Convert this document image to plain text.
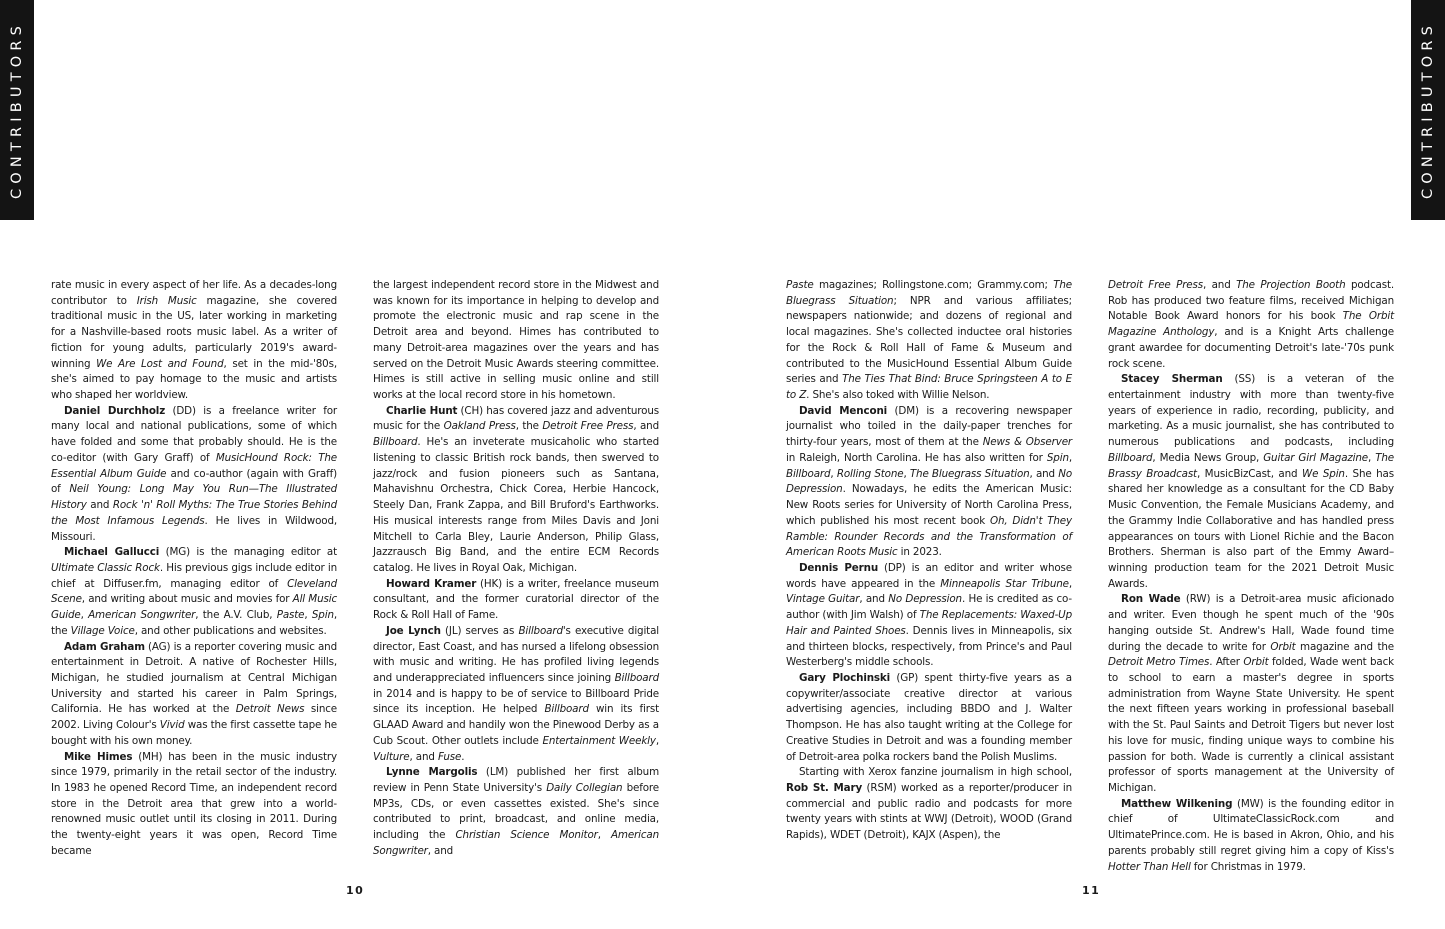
CONTRIBUTORS	CONTRIBUTORS

rate music in every aspect of her life. As a decades-long contributor to Irish Music magazine, she covered traditional music in the US, later working in marketing for a Nashville-based roots music label. As a writer of fiction for young adults, particularly 2019's award-winning We Are Lost and Found, set in the mid-'80s, she's aimed to pay homage to the music and artists who shaped her worldview.

Daniel Durchholz (DD) is a freelance writer for many local and national publications, some of which have folded and some that probably should. He is the co-editor (with Gary Graff) of MusicHound Rock: The Essential Album Guide and co-author (again with Graff) of Neil Young: Long May You Run—The Illustrated History and Rock 'n' Roll Myths: The True Stories Behind the Most Infamous Legends. He lives in Wildwood, Missouri.

Michael Gallucci (MG) is the managing editor at Ultimate Classic Rock. His previous gigs include editor in chief at Diffuser.fm, managing editor of Cleveland Scene, and writing about music and movies for All Music Guide, American Songwriter, the A.V. Club, Paste, Spin, the Village Voice, and other publications and websites.

Adam Graham (AG) is a reporter covering music and entertainment in Detroit. A native of Rochester Hills, Michigan, he studied journalism at Central Michigan University and started his career in Palm Springs, California. He has worked at the Detroit News since 2002. Living Colour's Vivid was the first cassette tape he bought with his own money.

Mike Himes (MH) has been in the music industry since 1979, primarily in the retail sector of the industry. In 1983 he opened Record Time, an independent record store in the Detroit area that grew into a world-renowned music outlet until its closing in 2011. During the twenty-eight years it was open, Record Time became

the largest independent record store in the Midwest and was known for its importance in helping to develop and promote the electronic music and rap scene in the Detroit area and beyond. Himes has contributed to many Detroit-area magazines over the years and has served on the Detroit Music Awards steering committee. Himes is still active in selling music online and still works at the local record store in his hometown.

Charlie Hunt (CH) has covered jazz and adventurous music for the Oakland Press, the Detroit Free Press, and Billboard. He's an inveterate musicaholic who started listening to classic British rock bands, then swerved to jazz/rock and fusion pioneers such as Santana, Mahavishnu Orchestra, Chick Corea, Herbie Hancock, Steely Dan, Frank Zappa, and Bill Bruford's Earthworks. His musical interests range from Miles Davis and Joni Mitchell to Carla Bley, Laurie Anderson, Philip Glass, Jazzrausch Big Band, and the entire ECM Records catalog. He lives in Royal Oak, Michigan.

Howard Kramer (HK) is a writer, freelance museum consultant, and the former curatorial director of the Rock & Roll Hall of Fame.

Joe Lynch (JL) serves as Billboard's executive digital director, East Coast, and has nursed a lifelong obsession with music and writing. He has profiled living legends and underappreciated influencers since joining Billboard in 2014 and is happy to be of service to Billboard Pride since its inception. He helped Billboard win its first GLAAD Award and handily won the Pinewood Derby as a Cub Scout. Other outlets include Entertainment Weekly, Vulture, and Fuse.

Lynne Margolis (LM) published her first album review in Penn State University's Daily Collegian before MP3s, CDs, or even cassettes existed. She's since contributed to print, broadcast, and online media, including the Christian Science Monitor, American Songwriter, and

Paste magazines; Rollingstone.com; Grammy.com; The Bluegrass Situation; NPR and various affiliates; newspapers nationwide; and dozens of regional and local magazines. She's collected inductee oral histories for the Rock & Roll Hall of Fame & Museum and contributed to the MusicHound Essential Album Guide series and The Ties That Bind: Bruce Springsteen A to E to Z. She's also toked with Willie Nelson.

David Menconi (DM) is a recovering newspaper journalist who toiled in the daily-paper trenches for thirty-four years, most of them at the News & Observer in Raleigh, North Carolina. He has also written for Spin, Billboard, Rolling Stone, The Bluegrass Situation, and No Depression. Nowadays, he edits the American Music: New Roots series for University of North Carolina Press, which published his most recent book Oh, Didn't They Ramble: Rounder Records and the Transformation of American Roots Music in 2023.

Dennis Pernu (DP) is an editor and writer whose words have appeared in the Minneapolis Star Tribune, Vintage Guitar, and No Depression. He is credited as co-author (with Jim Walsh) of The Replacements: Waxed-Up Hair and Painted Shoes. Dennis lives in Minneapolis, six and thirteen blocks, respectively, from Prince's and Paul Westerberg's middle schools.

Gary Plochinski (GP) spent thirty-five years as a copywriter/associate creative director at various advertising agencies, including BBDO and J. Walter Thompson. He has also taught writing at the College for Creative Studies in Detroit and was a founding member of Detroit-area polka rockers band the Polish Muslims.

Starting with Xerox fanzine journalism in high school, Rob St. Mary (RSM) worked as a reporter/producer in commercial and public radio and podcasts for more twenty years with stints at WWJ (Detroit), WOOD (Grand Rapids), WDET (Detroit), KAJX (Aspen), the

Detroit Free Press, and The Projection Booth podcast. Rob has produced two feature films, received Michigan Notable Book Award honors for his book The Orbit Magazine Anthology, and is a Knight Arts challenge grant awardee for documenting Detroit's late-'70s punk rock scene.

Stacey Sherman (SS) is a veteran of the entertainment industry with more than twenty-five years of experience in radio, recording, publicity, and marketing. As a music journalist, she has contributed to numerous publications and podcasts, including Billboard, Media News Group, Guitar Girl Magazine, The Brassy Broadcast, MusicBizCast, and We Spin. She has shared her knowledge as a consultant for the CD Baby Music Convention, the Female Musicians Academy, and the Grammy Indie Collaborative and has handled press appearances on tours with Lionel Richie and the Bacon Brothers. Sherman is also part of the Emmy Award–winning production team for the 2021 Detroit Music Awards.

Ron Wade (RW) is a Detroit-area music aficionado and writer. Even though he spent much of the '90s hanging outside St. Andrew's Hall, Wade found time during the decade to write for Orbit magazine and the Detroit Metro Times. After Orbit folded, Wade went back to school to earn a master's degree in sports administration from Wayne State University. He spent the next fifteen years working in professional baseball with the St. Paul Saints and Detroit Tigers but never lost his love for music, finding unique ways to combine his passion for both. Wade is currently a clinical assistant professor of sports management at the University of Michigan.

Matthew Wilkening (MW) is the founding editor in chief of UltimateClassicRock.com and UltimatePrince.com. He is based in Akron, Ohio, and his parents probably still regret giving him a copy of Kiss's Hotter Than Hell for Christmas in 1979.

10	11
